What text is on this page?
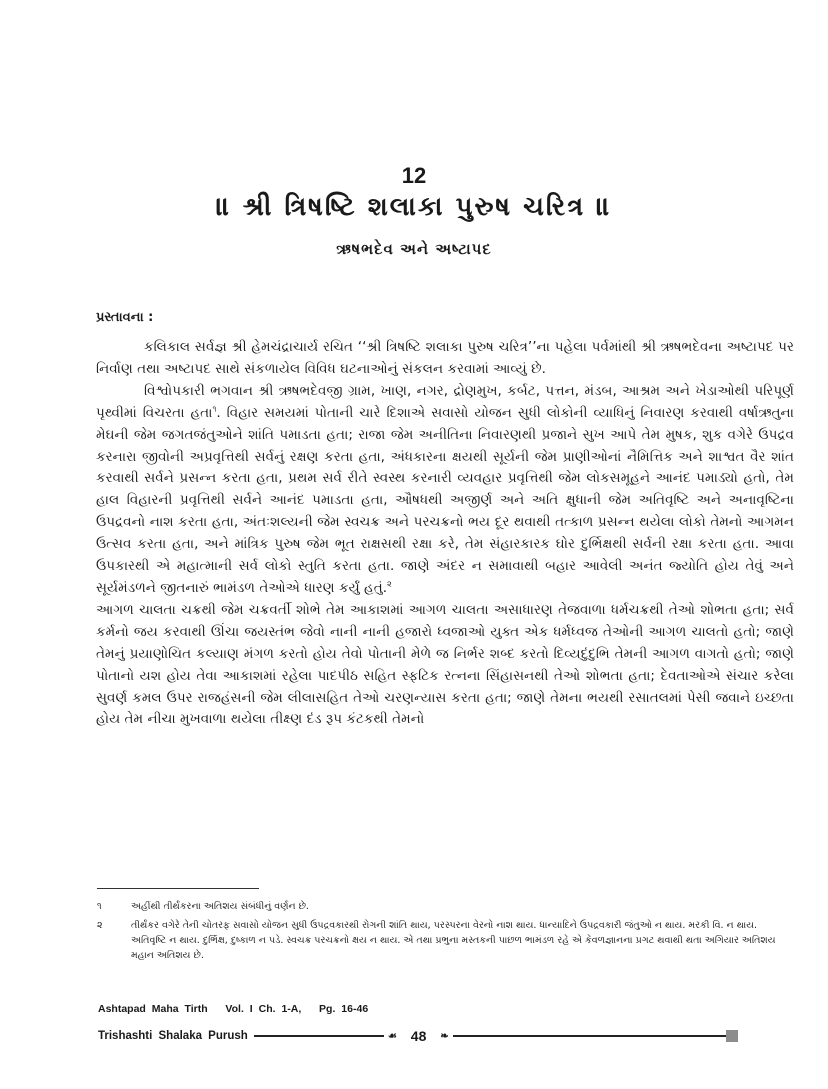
12
॥ શ્રી ત્રિષષ્ટિ શલાકા પુરુષ ચરિત્ર ॥
ઋષભદેવ અને અષ્ટાપદ
પ્રસ્તાવના :

કલિકાલ સર્વજ્ઞ શ્રી હેમચંદ્રાચાર્ય રચિત ‘‘શ્રી ત્રિષષ્ટિ શલાકા પુરુષ ચરિત્ર’’ના પહેલા પર્વમાંથી શ્રી ઋષભદેવના અષ્ટાપદ પર નિર્વાણ તથા અષ્ટાપદ સાથે સંકળાયેલ વિવિધ ઘટનાઓનું સંકલન કરવામાં આવ્યું છે.

વિશ્વોપકારી ભગવાન શ્રી ઋષભદેવજી ગ્રામ, ખાણ, નગર, દ્રોણમુખ, કર્બટ, પત્તન, મંડબ, આશ્રમ અને ખેડાઓથી પરિપૂર્ણ પૃથ્વીમાં વિચરતા હતા$^૧$. વિહાર સમયમાં પોતાની ચારે દિશાએ સવાસો યોજન સુધી લોકોની વ્યાધિનું નિવારણ કરવાથી વર્ષાઋતુના મેઘની જેમ જગતજંતુઓને શાંતિ પમાડતા હતા; રાજા જેમ અનીતિના નિવારણથી પ્રજાને સુખ આપે તેમ મુષક, શુક વગેરે ઉપદ્રવ કરનારા જીવોની અપ્રવૃત્તિથી સર્વનું રક્ષણ કરતા હતા, અંધકારના ક્ષયથી સૂર્યની જેમ પ્રાણીઓનાં નૈમિત્તિક અને શાશ્વત વૈર શાંત કરવાથી સર્વને પ્રસન્ન કરતા હતા, પ્રથમ સર્વ રીતે સ્વસ્થ કરનારી વ્યવહાર પ્રવૃત્તિથી જેમ લોકસમૂહને આનંદ પમાડ્યો હતો, તેમ હાલ વિહારની પ્રવૃત્તિથી સર્વને આનંદ પમાડતા હતા, ઔષધથી અજીર્ણ અને અતિ ક્ષુધાની જેમ અતિવૃષ્ટિ અને અનાવૃષ્ટિના ઉપદ્રવનો નાશ કરતા હતા, અંતઃશલ્યની જેમ સ્વચક્ર અને પરચક્રનો ભય દૂર થવાથી તત્કાળ પ્રસન્ન થયેલા લોકો તેમનો આગમન ઉત્સવ કરતા હતા, અને માંત્રિક પુરુષ જેમ ભૂત રાક્ષસથી રક્ષા કરે, તેમ સંહારકારક ઘોર દુર્ભિક્ષથી સર્વની રક્ષા કરતા હતા. આવા ઉપકારથી એ મહાત્માની સર્વ લોકો સ્તુતિ કરતા હતા. જાણે અંદર ન સમાવાથી બહાર આવેલી અનંત જ્યોતિ હોય તેવું અને સૂર્યમંડળને જીતનારું ભામંડળ તેઓએ ધારણ કર્યું હતું.$^૨$

આગળ ચાલતા ચક્રથી જેમ ચક્રવર્તી શોભે તેમ આકાશમાં આગળ ચાલતા અસાધારણ તેજવાળા ધર્મચક્રથી તેઓ શોભતા હતા; સર્વ કર્મનો જય કરવાથી ઊંચા જયસ્તંભ જેવો નાની નાની હજારો ધ્વજાઓ યુક્ત એક ધર્મધ્વજ તેઓની આગળ ચાલતો હતો; જાણે તેમનું પ્રયાણોચિત કલ્યાણ મંગળ કરતો હોય તેવો પોતાની મેળે જ નિર્ભર શબ્દ કરતો દિવ્યદુંદુભિ તેમની આગળ વાગતો હતો; જાણે પોતાનો યશ હોય તેવા આકાશમાં રહેલા પાદપીઠ સહિત સ્ફટિક રત્નના સિંહાસનથી તેઓ શોભતા હતા; દેવતાઓએ સંચાર કરેલા સુવર્ણ કમલ ઉપર રાજહંસની જેમ લીલાસહિત તેઓ ચરણન્યાસ કરતા હતા; જાણે તેમના ભયથી રસાતલમાં પેસી જવાને ઇચ્છતા હોય તેમ નીચા મુખવાળા થયેલા તીક્ષ્ણ દંડ રૂપ કંટકથી તેમનો

૧	અહીંથી તીર્થંકરના અતિશય સંબંધીનું વર્ણન છે.
૨	તીર્થંકર વગેરે તેની ચોતરફ સવાસો યોજન સુધી ઉપદ્રવકારથી રોગની શાંતિ થાય, પરસ્પરના વેરનો નાશ થાય. ધાન્યાદિને ઉપદ્રવકારી જંતુઓ ન થાય. મરકી વિ. ન થાય. અતિવૃષ્ટિ ન થાય. દુર્ભિક્ષ, દુષ્કાળ ન પડે. સ્વચક્ર પરચક્રનો ક્ષય ન થાય. એ તથા પ્રભુના મસ્તકની પાછળ ભામંડળ રહે એ કેવળજ્ઞાનના પ્રગટ થવાથી થતા અગિયાર અતિશય મહાન અતિશય છે.
Ashtapad Maha Tirth   Vol. I Ch. 1-A,   Pg. 16-46
Trishashti Shalaka Purush	☙ 48 ❧
